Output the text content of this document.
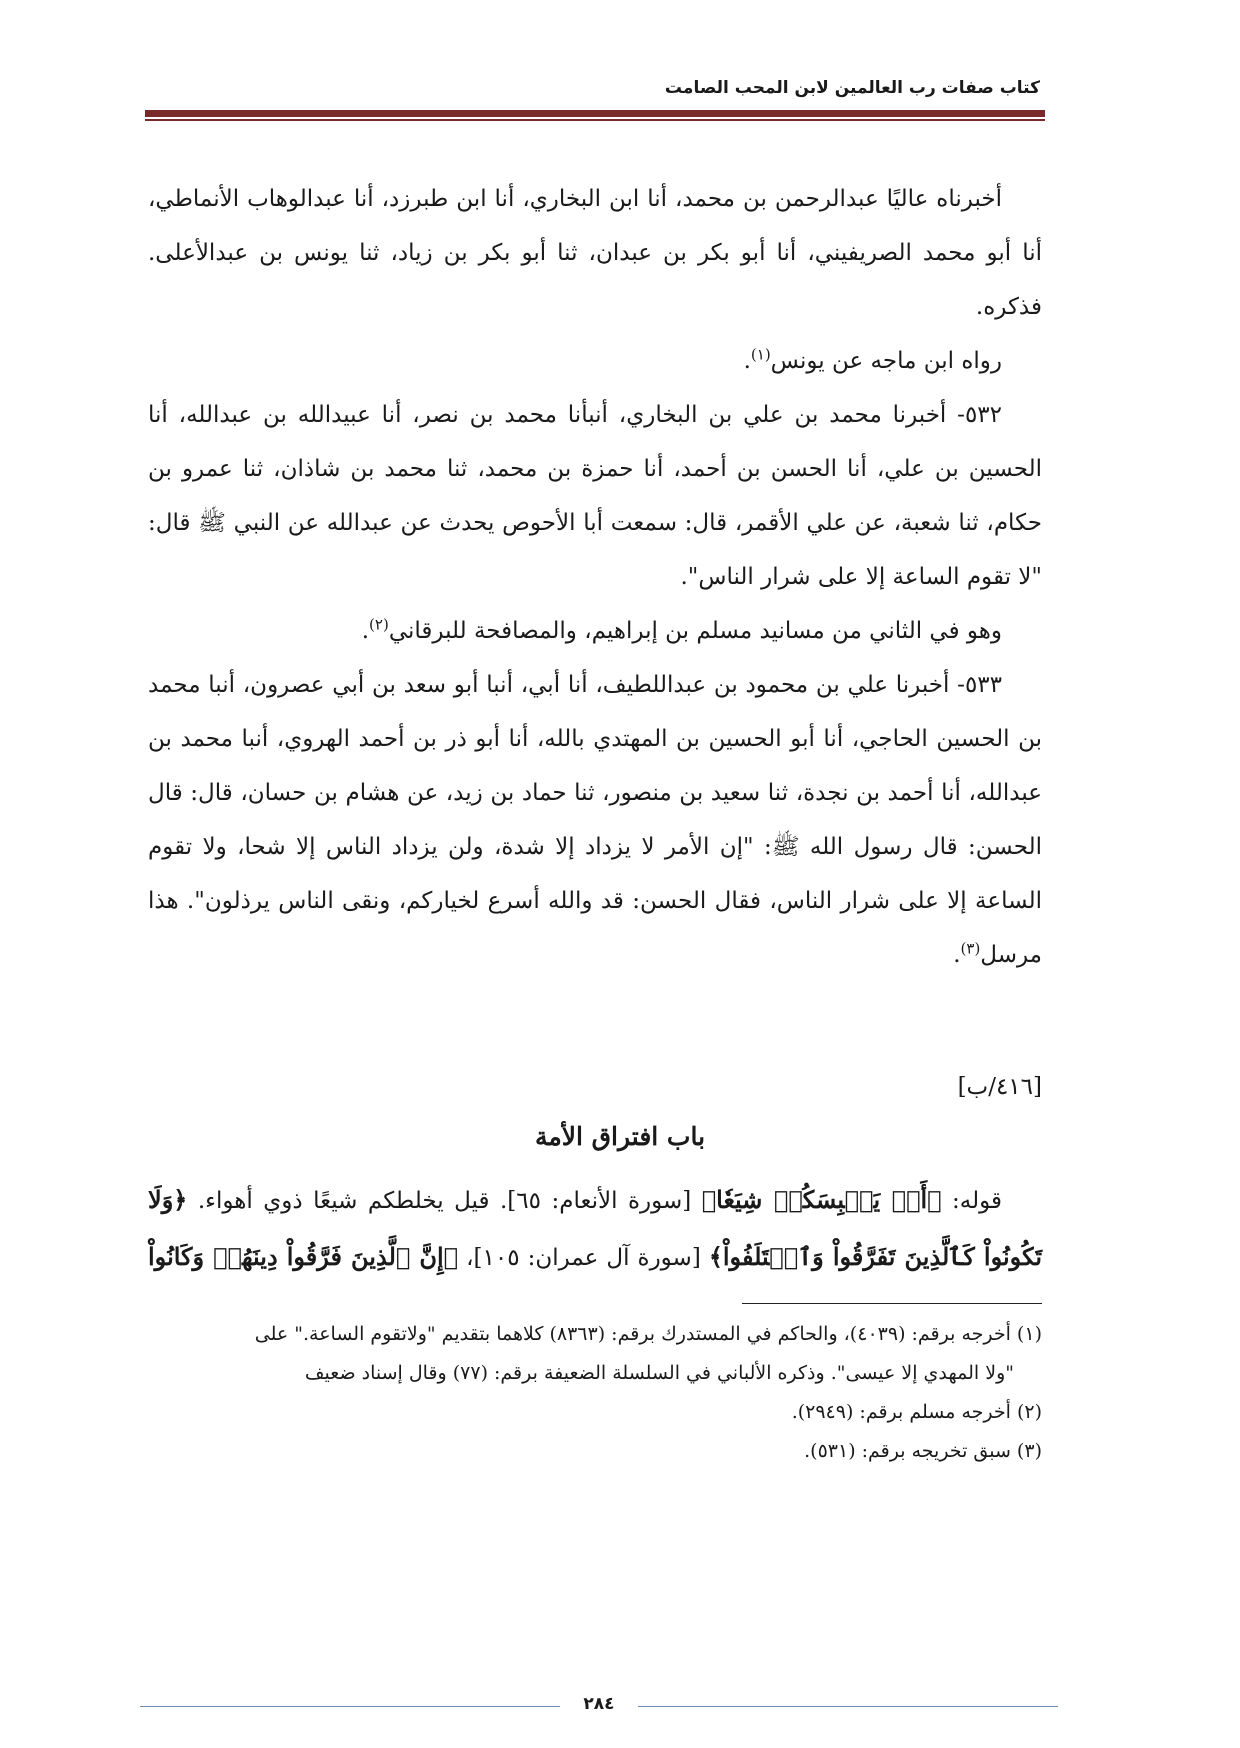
كتاب صفات رب العالمين لابن المحب الصامت

أخبرناه عاليًا عبدالرحمن بن محمد، أنا ابن البخاري، أنا ابن طبرزد، أنا عبدالوهاب الأنماطي، أنا أبو محمد الصريفيني، أنا أبو بكر بن عبدان، ثنا أبو بكر بن زياد، ثنا يونس بن عبدالأعلى. فذكره.

رواه ابن ماجه عن يونس$^{(١)}$.

٥٣٢- أخبرنا محمد بن علي بن البخاري، أنبأنا محمد بن نصر، أنا عبيدالله بن عبدالله، أنا الحسين بن علي، أنا الحسن بن أحمد، أنا حمزة بن محمد، ثنا محمد بن شاذان، ثنا عمرو بن حكام، ثنا شعبة، عن علي الأقمر، قال: سمعت أبا الأحوص يحدث عن عبدالله عن النبي ﷺ قال: "لا تقوم الساعة إلا على شرار الناس".

وهو في الثاني من مسانيد مسلم بن إبراهيم، والمصافحة للبرقاني$^{(٢)}$.

٥٣٣- أخبرنا علي بن محمود بن عبداللطيف، أنا أبي، أنبا أبو سعد بن أبي عصرون، أنبا محمد بن الحسين الحاجي، أنا أبو الحسين بن المهتدي بالله، أنا أبو ذر بن أحمد الهروي، أنبا محمد بن عبدالله، أنا أحمد بن نجدة، ثنا سعيد بن منصور، ثنا حماد بن زيد، عن هشام بن حسان، قال: قال الحسن: قال رسول الله ﷺ: "إن الأمر لا يزداد إلا شدة، ولن يزداد الناس إلا شحا، ولا تقوم الساعة إلا على شرار الناس، فقال الحسن: قد والله أسرع لخياركم، ونقى الناس يرذلون". هذا مرسل$^{(٣)}$.

[٤١٦/ب]
باب افتراق الأمة

قوله: ﴿أَوۡ يَلۡبِسَكُمۡ شِيَعٗا﴾ [سورة الأنعام: ٦٥]. قيل يخلطكم شيعًا ذوي أهواء. ﴿وَلَا تَكُونُواْ كَٱلَّذِينَ تَفَرَّقُواْ وَٱخۡتَلَفُواْ﴾ [سورة آل عمران: ١٠٥]، ﴿إِنَّ ٱلَّذِينَ فَرَّقُواْ دِينَهُمۡ وَكَانُواْ

(١) أخرجه برقم: (٤٠٣٩)، والحاكم في المستدرك برقم: (٨٣٦٣) كلاهما بتقديم "ولاتقوم الساعة." على

"ولا المهدي إلا عيسى". وذكره الألباني في السلسلة الضعيفة برقم: (٧٧) وقال إسناد ضعيف

(٢) أخرجه مسلم برقم: (٢٩٤٩).

(٣) سبق تخريجه برقم: (٥٣١).

٢٨٤
